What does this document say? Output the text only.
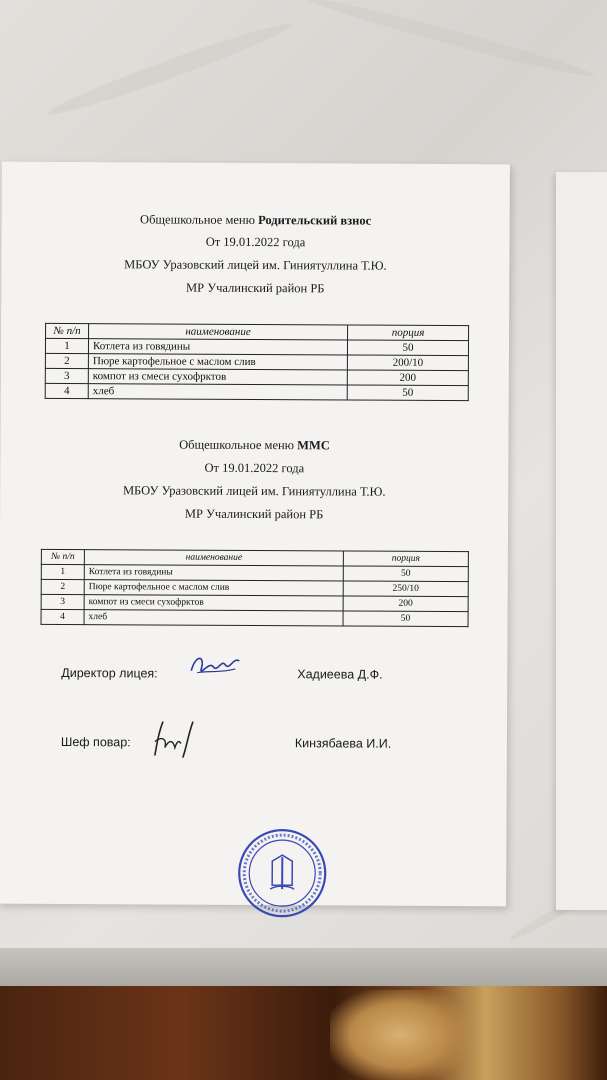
Общешкольное меню Родительский взнос
От 19.01.2022 года
МБОУ Уразовский лицей им. Гиниятуллина Т.Ю.
МР Учалинский район РБ
№ п/п	наименование	порция
1	Котлета из говядины	50
2	Пюре картофельное с маслом слив	200/10
3	компот из смеси сухофрктов	200
4	хлеб	50
Общешкольное меню ММС
От 19.01.2022 года
МБОУ Уразовский лицей им. Гиниятуллина Т.Ю.
МР Учалинский район РБ
№ п/п	наименование	порция
1	Котлета из говядины	50
2	Пюре картофельное с маслом слив	250/10
3	компот из смеси сухофрктов	200
4	хлеб	50
Директор лицея:	Хадиеева Д.Ф.
Шеф повар:	Кинзябаева И.И.
